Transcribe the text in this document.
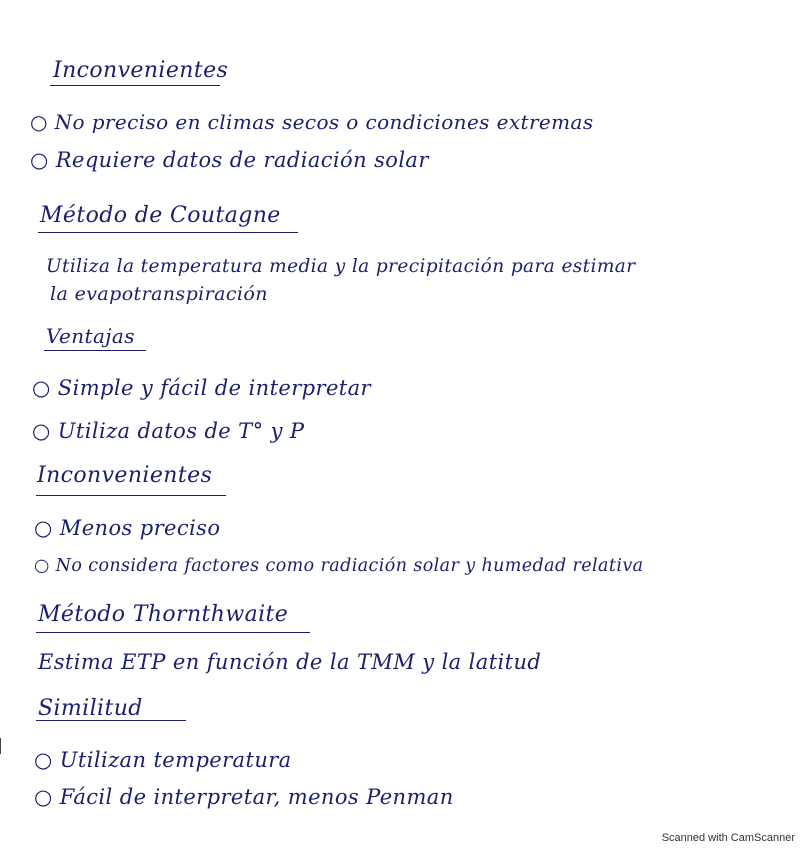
Inconvenientes
○ No preciso en climas secos o condiciones extremas
○ Requiere datos de radiación solar
Método de Coutagne
Utiliza la temperatura media y la precipitación para estimar
la evapotranspiración
Ventajas
○ Simple y fácil de interpretar
○ Utiliza datos de T° y P
Inconvenientes
○ Menos preciso
○ No considera factores como radiación solar y humedad relativa
Método Thornthwaite
Estima ETP en función de la TMM y la latitud
Similitud
○ Utilizan temperatura
○ Fácil de interpretar, menos Penman
Scanned with CamScanner
